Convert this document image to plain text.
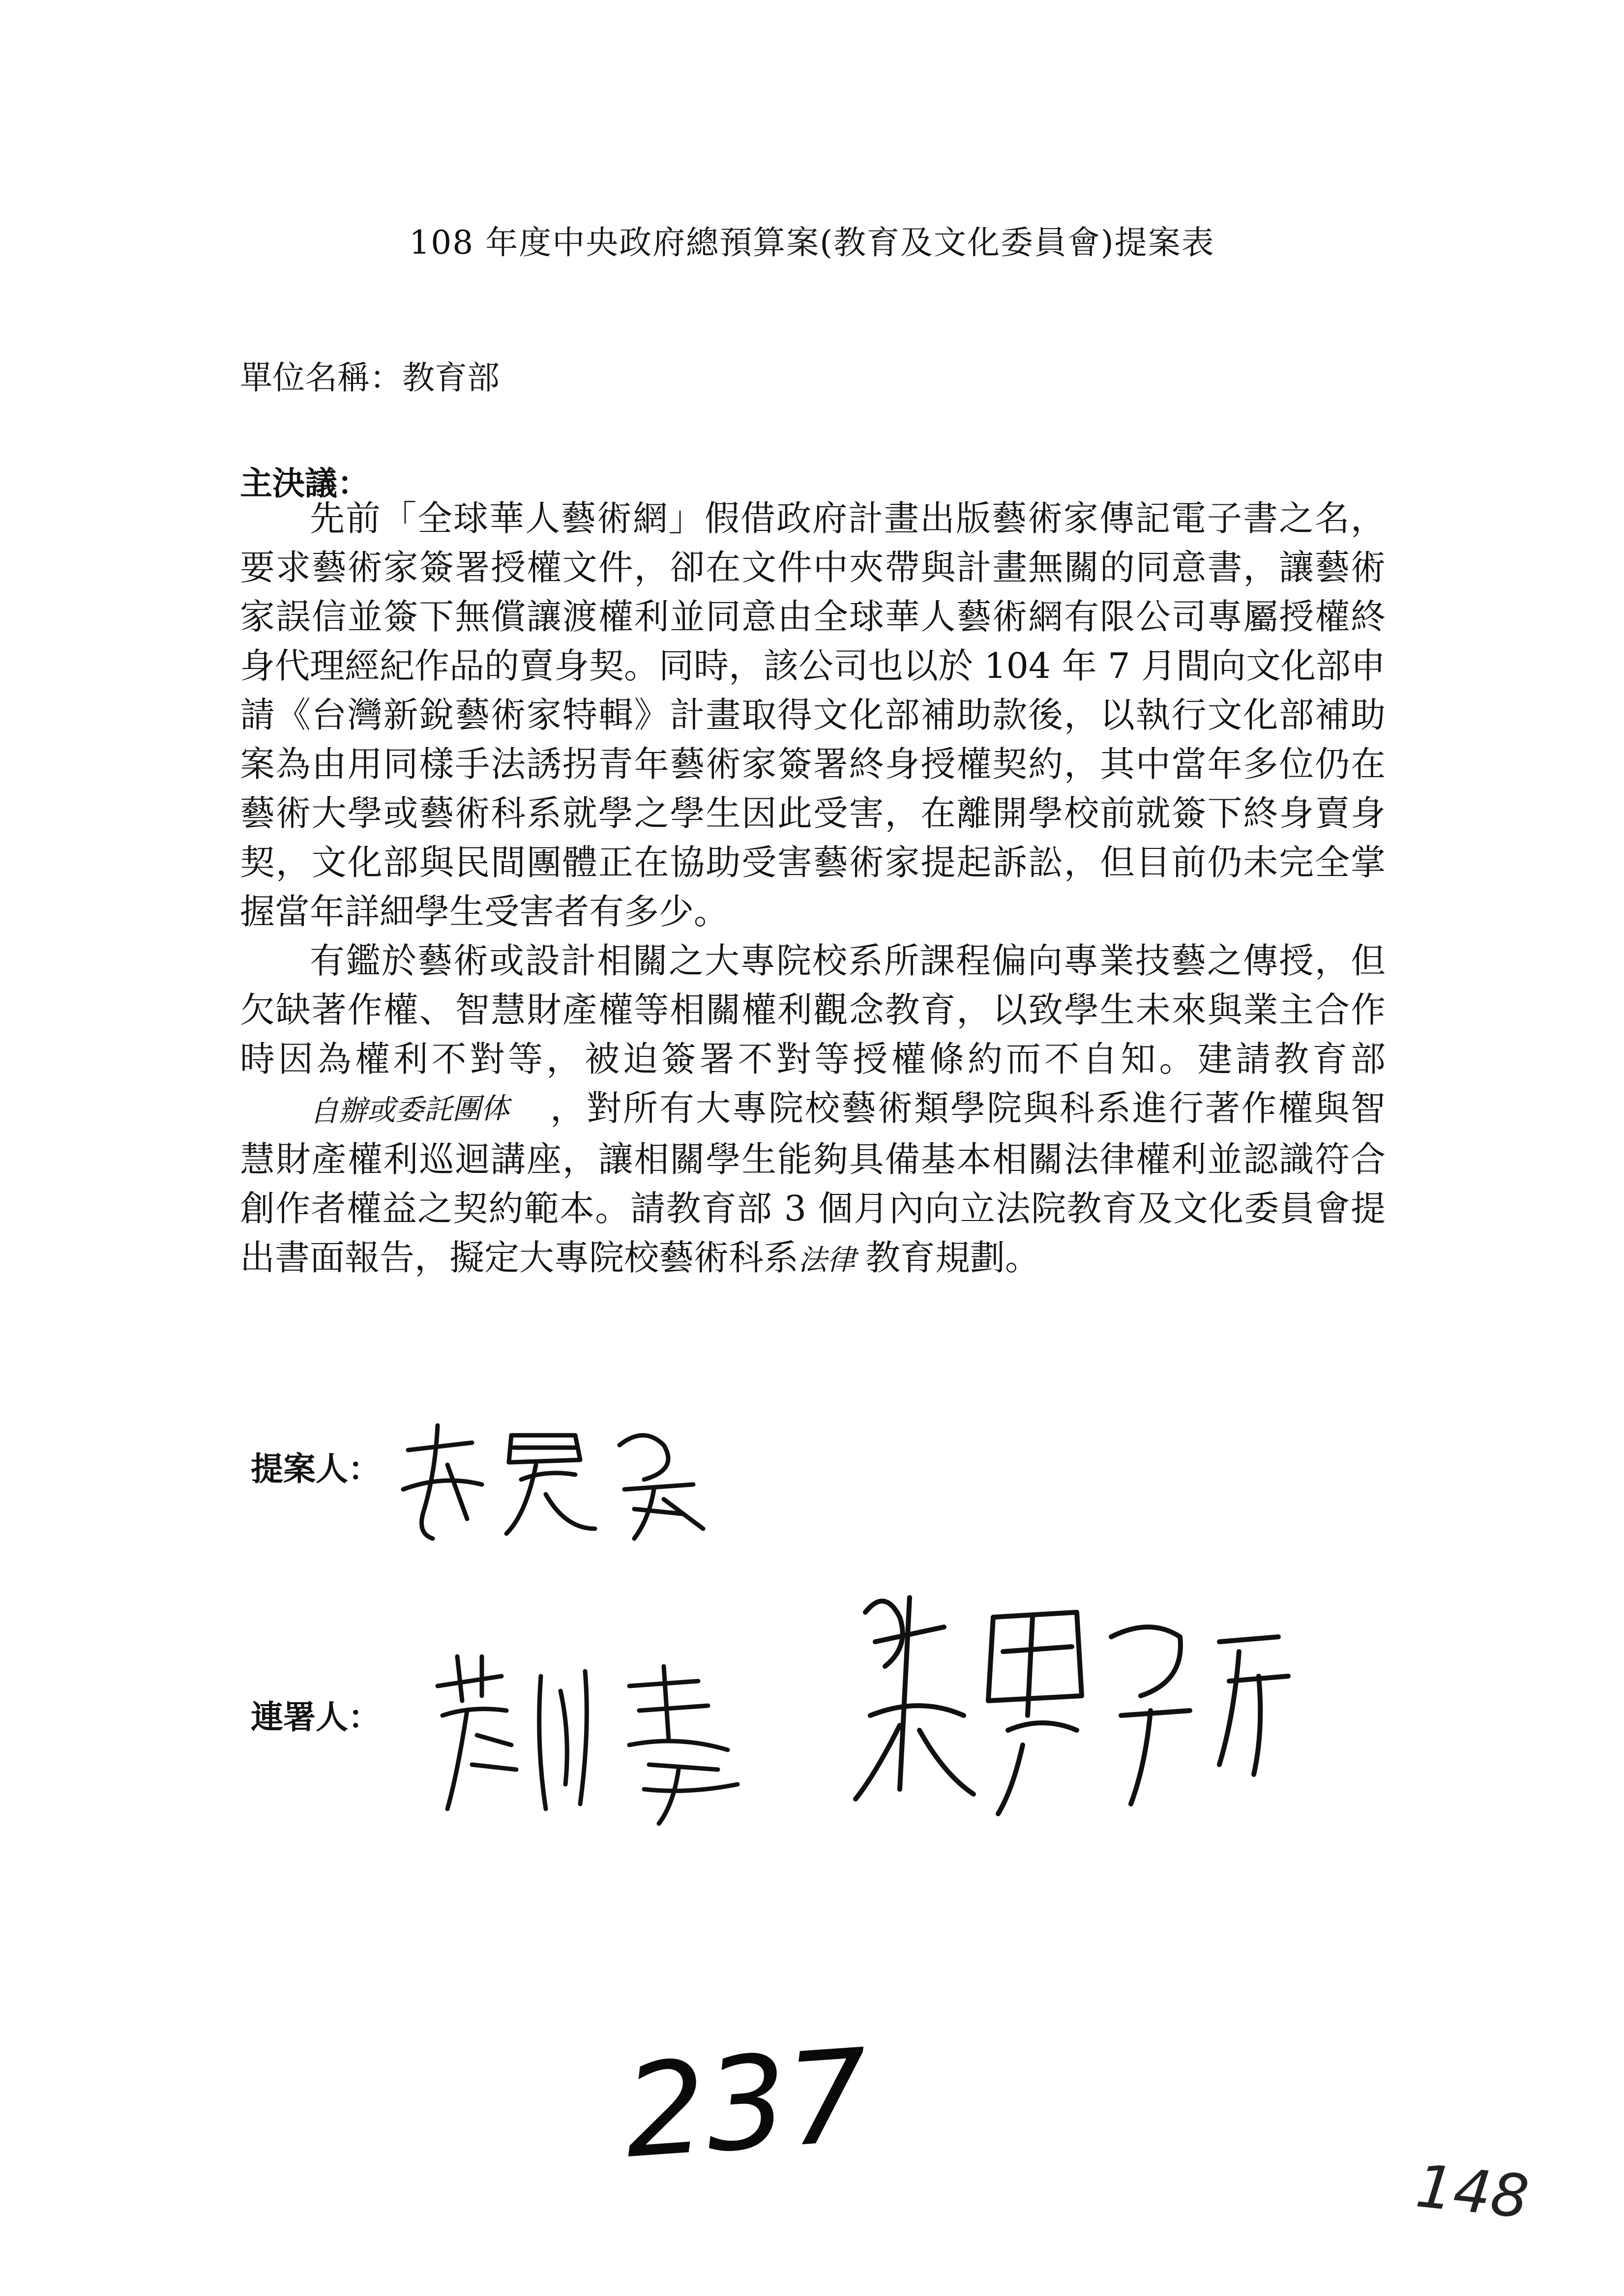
108 年度中央政府總預算案(教育及文化委員會)提案表
單位名稱：教育部
主決議：

先前「全球華人藝術網」假借政府計畫出版藝術家傳記電子書之名，要求藝術家簽署授權文件，卻在文件中夾帶與計畫無關的同意書，讓藝術家誤信並簽下無償讓渡權利並同意由全球華人藝術網有限公司專屬授權終身代理經紀作品的賣身契。同時，該公司也以於 104 年 7 月間向文化部申請《台灣新銳藝術家特輯》計畫取得文化部補助款後，以執行文化部補助案為由用同樣手法誘拐青年藝術家簽署終身授權契約，其中當年多位仍在藝術大學或藝術科系就學之學生因此受害，在離開學校前就簽下終身賣身契，文化部與民間團體正在協助受害藝術家提起訴訟，但目前仍未完全掌握當年詳細學生受害者有多少。

有鑑於藝術或設計相關之大專院校系所課程偏向專業技藝之傳授，但欠缺著作權、智慧財產權等相關權利觀念教育，以致學生未來與業主合作時因為權利不對等，被迫簽署不對等授權條約而不自知。建請教育部自辦或委託團体 ，對所有大專院校藝術類學院與科系進行著作權與智慧財產權利巡迴講座，讓相關學生能夠具備基本相關法律權利並認識符合創作者權益之契約範本。請教育部 3 個月內向立法院教育及文化委員會提出書面報告，擬定大專院校藝術科系法律 教育規劃。

提案人：
連署人：
237
148
